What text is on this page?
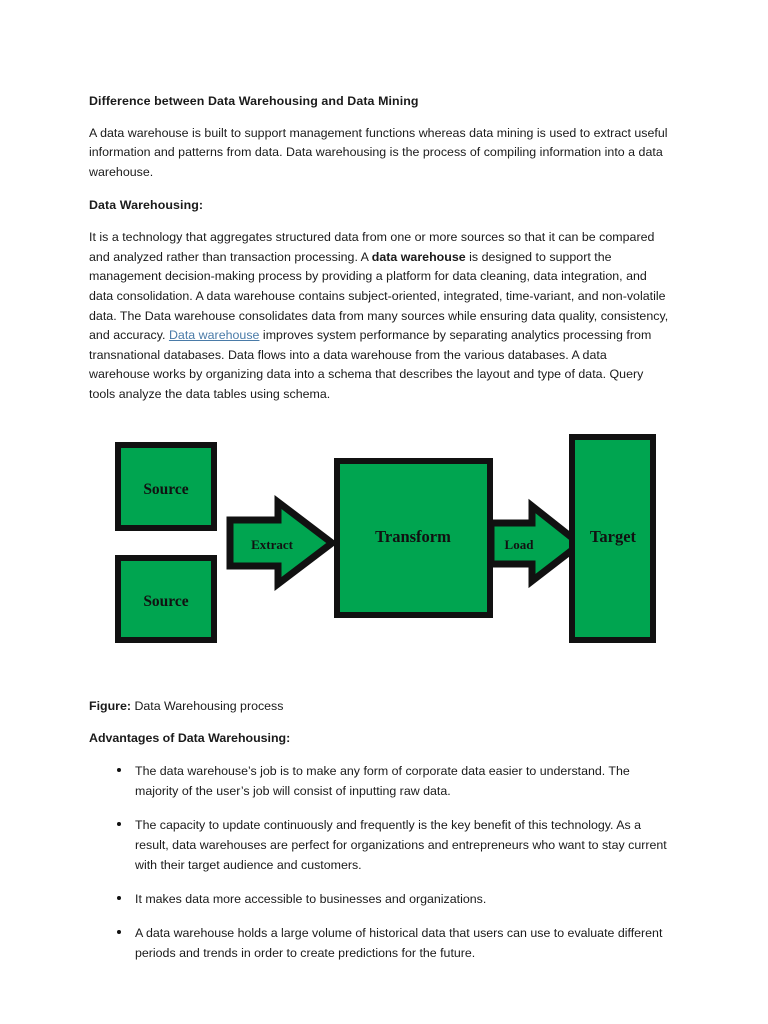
Difference between Data Warehousing and Data Mining

A data warehouse is built to support management functions whereas data mining is used to extract useful information and patterns from data. Data warehousing is the process of compiling information into a data warehouse.

Data Warehousing:

It is a technology that aggregates structured data from one or more sources so that it can be compared and analyzed rather than transaction processing. A data warehouse is designed to support the management decision-making process by providing a platform for data cleaning, data integration, and data consolidation. A data warehouse contains subject-oriented, integrated, time-variant, and non-volatile data. The Data warehouse consolidates data from many sources while ensuring data quality, consistency, and accuracy. Data warehouse improves system performance by separating analytics processing from transnational databases. Data flows into a data warehouse from the various databases. A data warehouse works by organizing data into a schema that describes the layout and type of data. Query tools analyze the data tables using schema.

Figure: Data Warehousing process

Advantages of Data Warehousing:
The data warehouse’s job is to make any form of corporate data easier to understand. The majority of the user’s job will consist of inputting raw data.
The capacity to update continuously and frequently is the key benefit of this technology. As a result, data warehouses are perfect for organizations and entrepreneurs who want to stay current with their target audience and customers.
It makes data more accessible to businesses and organizations.
A data warehouse holds a large volume of historical data that users can use to evaluate different periods and trends in order to create predictions for the future.
Source
Source
Extract	Transform	Load	Target
